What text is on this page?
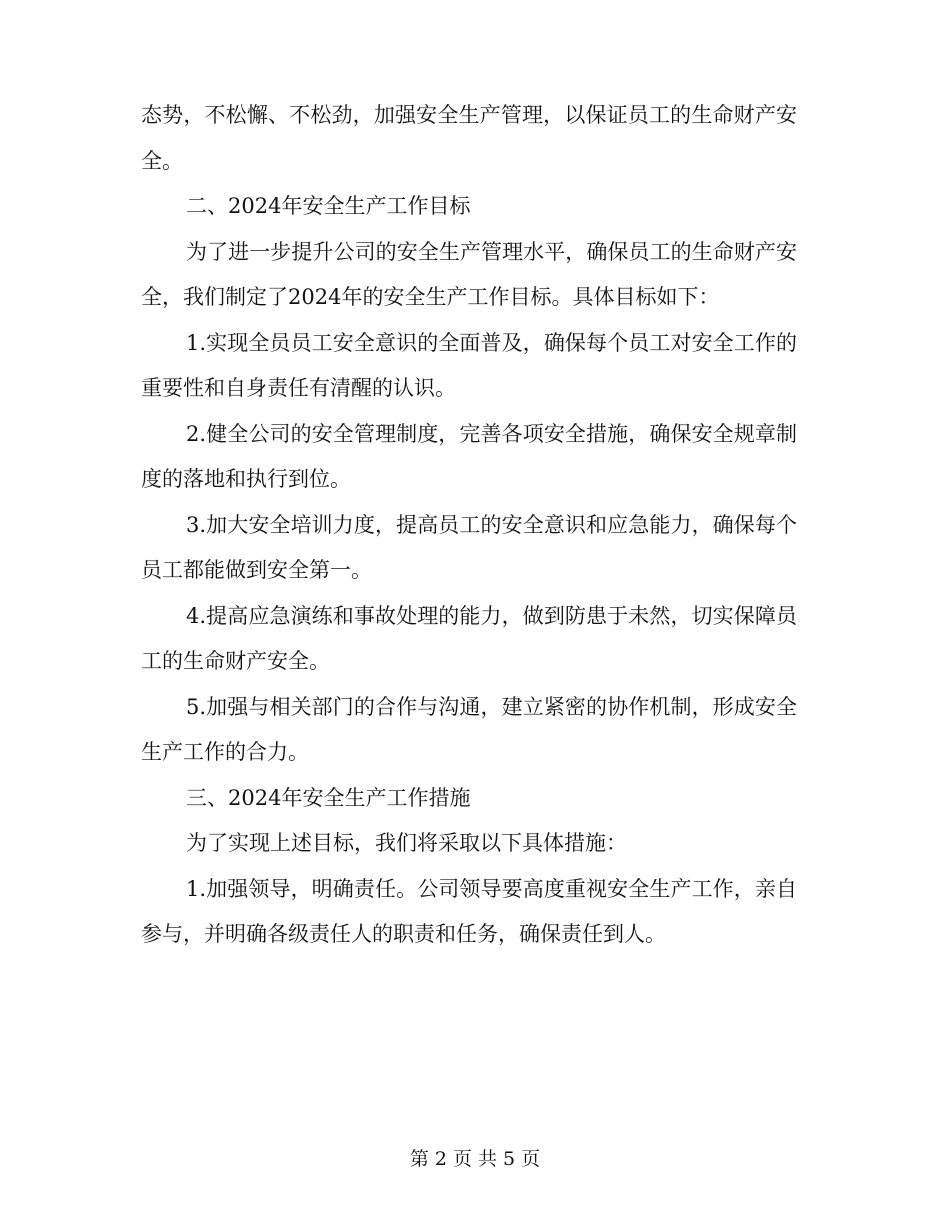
态势，不松懈、不松劲，加强安全生产管理，以保证员工的生命财产安全。

二、2024年安全生产工作目标

为了进一步提升公司的安全生产管理水平，确保员工的生命财产安全，我们制定了2024年的安全生产工作目标。具体目标如下：

1.实现全员员工安全意识的全面普及，确保每个员工对安全工作的重要性和自身责任有清醒的认识。

2.健全公司的安全管理制度，完善各项安全措施，确保安全规章制度的落地和执行到位。

3.加大安全培训力度，提高员工的安全意识和应急能力，确保每个员工都能做到安全第一。

4.提高应急演练和事故处理的能力，做到防患于未然，切实保障员工的生命财产安全。

5.加强与相关部门的合作与沟通，建立紧密的协作机制，形成安全生产工作的合力。

三、2024年安全生产工作措施

为了实现上述目标，我们将采取以下具体措施：

1.加强领导，明确责任。公司领导要高度重视安全生产工作，亲自参与，并明确各级责任人的职责和任务，确保责任到人。

第 2 页 共 5 页
